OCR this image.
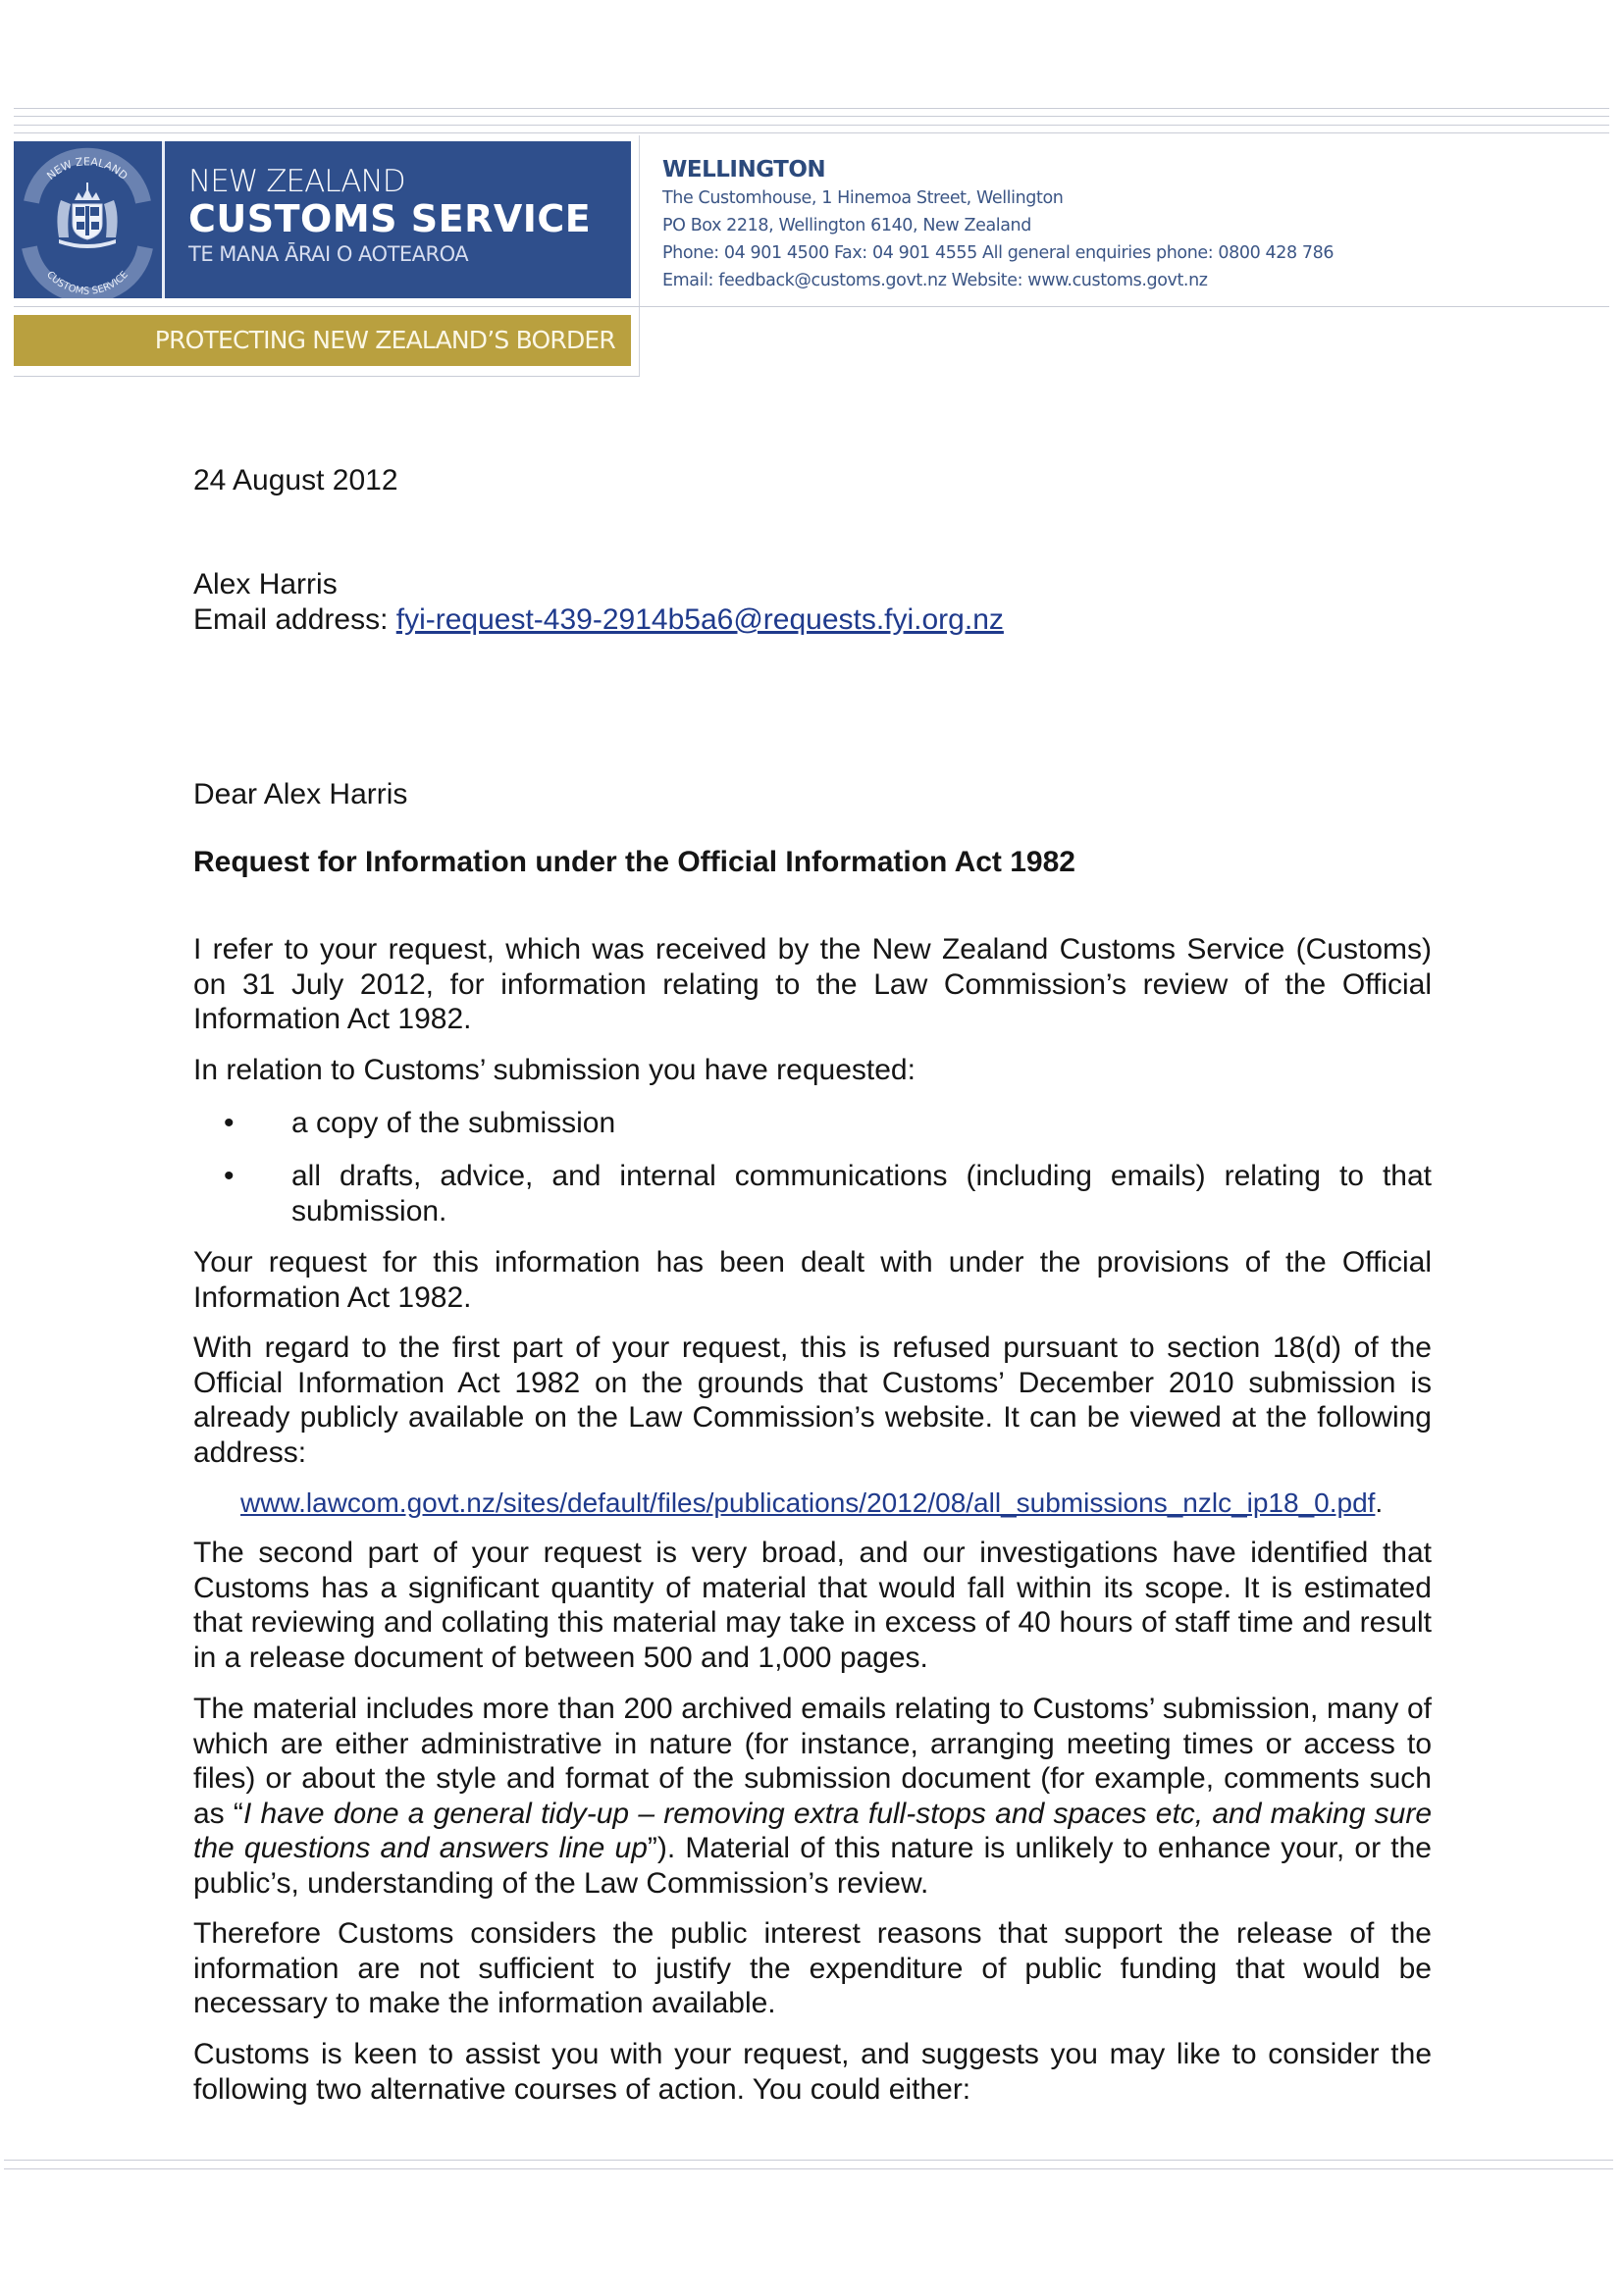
NEW ZEALAND
CUSTOMS SERVICE
NEW ZEALAND
CUSTOMS SERVICE
TE MANA ĀRAI O AOTEAROA
PROTECTING NEW ZEALAND’S BORDER
WELLINGTON
The Customhouse, 1 Hinemoa Street, Wellington
PO Box 2218, Wellington 6140, New Zealand
Phone: 04 901 4500 Fax: 04 901 4555 All general enquiries phone: 0800 428 786
Email: feedback@customs.govt.nz Website: www.customs.govt.nz
24 August 2012
Alex Harris
Email address: fyi-request-439-2914b5a6@requests.fyi.org.nz
Dear Alex Harris
Request for Information under the Official Information Act 1982
I refer to your request, which was received by the New Zealand Customs Service (Customs) on 31 July 2012, for information relating to the Law Commission’s review of the Official Information Act 1982.
In relation to Customs’ submission you have requested:
•	a copy of the submission
•	all drafts, advice, and internal communications (including emails) relating to that submission.
Your request for this information has been dealt with under the provisions of the Official Information Act 1982.
With regard to the first part of your request, this is refused pursuant to section 18(d) of the Official Information Act 1982 on the grounds that Customs’ December 2010 submission is already publicly available on the Law Commission’s website. It can be viewed at the following address:
www.lawcom.govt.nz/sites/default/files/publications/2012/08/all_submissions_nzlc_ip18_0.pdf.
The second part of your request is very broad, and our investigations have identified that Customs has a significant quantity of material that would fall within its scope. It is estimated that reviewing and collating this material may take in excess of 40 hours of staff time and result in a release document of between 500 and 1,000 pages.
The material includes more than 200 archived emails relating to Customs’ submission, many of which are either administrative in nature (for instance, arranging meeting times or access to files) or about the style and format of the submission document (for example, comments such as “I have done a general tidy-up – removing extra full-stops and spaces etc, and making sure the questions and answers line up”). Material of this nature is unlikely to enhance your, or the public’s, understanding of the Law Commission’s review.
Therefore Customs considers the public interest reasons that support the release of the information are not sufficient to justify the expenditure of public funding that would be necessary to make the information available.
Customs is keen to assist you with your request, and suggests you may like to consider the following two alternative courses of action. You could either:
